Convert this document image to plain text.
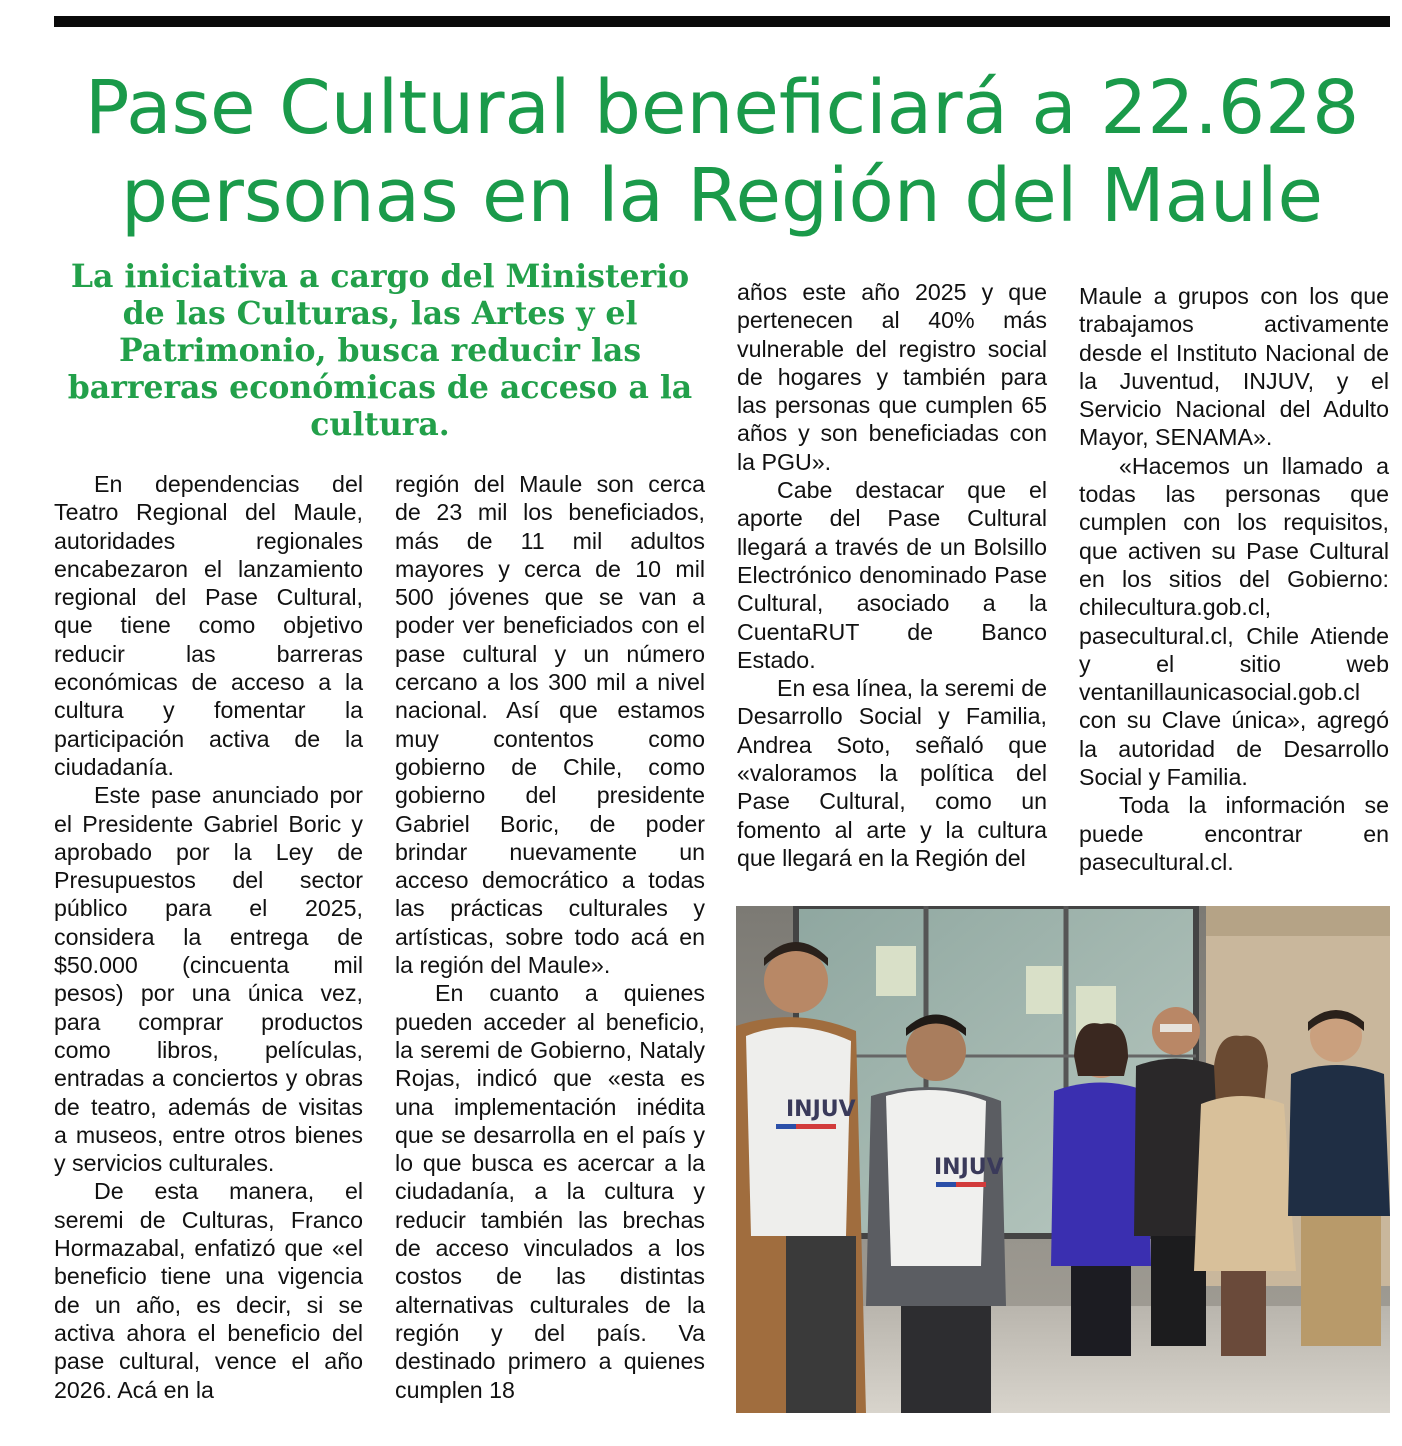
Pase Cultural beneficiará a 22.628
personas en la Región del Maule

La iniciativa a cargo del Ministerio de las Culturas, las Artes y el Patrimonio, busca reducir las barreras económicas de acceso a la cultura.

En dependencias del Teatro Regional del Maule, autoridades regionales encabezaron el lanzamiento regional del Pase Cultural, que tiene como objetivo reducir las barreras económicas de acceso a la cultura y fomentar la participación activa de la ciudadanía.

Este pase anunciado por el Presidente Gabriel Boric y aprobado por la Ley de Presupuestos del sector público para el 2025, considera la entrega de $50.000 (cincuenta mil pesos) por una única vez, para comprar productos como libros, películas, entradas a conciertos y obras de teatro, además de visitas a museos, entre otros bienes y servicios culturales.

De esta manera, el seremi de Culturas, Franco Hormazabal, enfatizó que «el beneficio tiene una vigencia de un año, es decir, si se activa ahora el beneficio del pase cultural, vence el año 2026. Acá en la

región del Maule son cerca de 23 mil los beneficiados, más de 11 mil adultos mayores y cerca de 10 mil 500 jóvenes que se van a poder ver beneficiados con el pase cultural y un número cercano a los 300 mil a nivel nacional. Así que estamos muy contentos como gobierno de Chile, como gobierno del presidente Gabriel Boric, de poder brindar nuevamente un acceso democrático a todas las prácticas culturales y artísticas, sobre todo acá en la región del Maule».

En cuanto a quienes pueden acceder al beneficio, la seremi de Gobierno, Nataly Rojas, indicó que «esta es una implementación inédita que se desarrolla en el país y lo que busca es acercar a la ciudadanía, a la cultura y reducir también las brechas de acceso vinculados a los costos de las distintas alternativas culturales de la región y del país. Va destinado primero a quienes cumplen 18

años este año 2025 y que pertenecen al 40% más vulnerable del registro social de hogares y también para las personas que cumplen 65 años y son beneficiadas con la PGU».

Cabe destacar que el aporte del Pase Cultural llegará a través de un Bolsillo Electrónico denominado Pase Cultural, asociado a la CuentaRUT de Banco Estado.

En esa línea, la seremi de Desarrollo Social y Familia, Andrea Soto, señaló que «valoramos la política del Pase Cultural, como un fomento al arte y la cultura que llegará en la Región del

Maule a grupos con los que trabajamos activamente desde el Instituto Nacional de la Juventud, INJUV, y el Servicio Nacional del Adulto Mayor, SENAMA».

«Hacemos un llamado a todas las personas que cumplen con los requisitos, que activen su Pase Cultural en los sitios del Gobierno: chilecultura.gob.cl, pasecultural.cl, Chile Atiende y el sitio web ventanillaunicasocial.gob.cl con su Clave única», agregó la autoridad de Desarrollo Social y Familia.

Toda la información se puede encontrar en pasecultural.cl.

INJUV
INJUV
